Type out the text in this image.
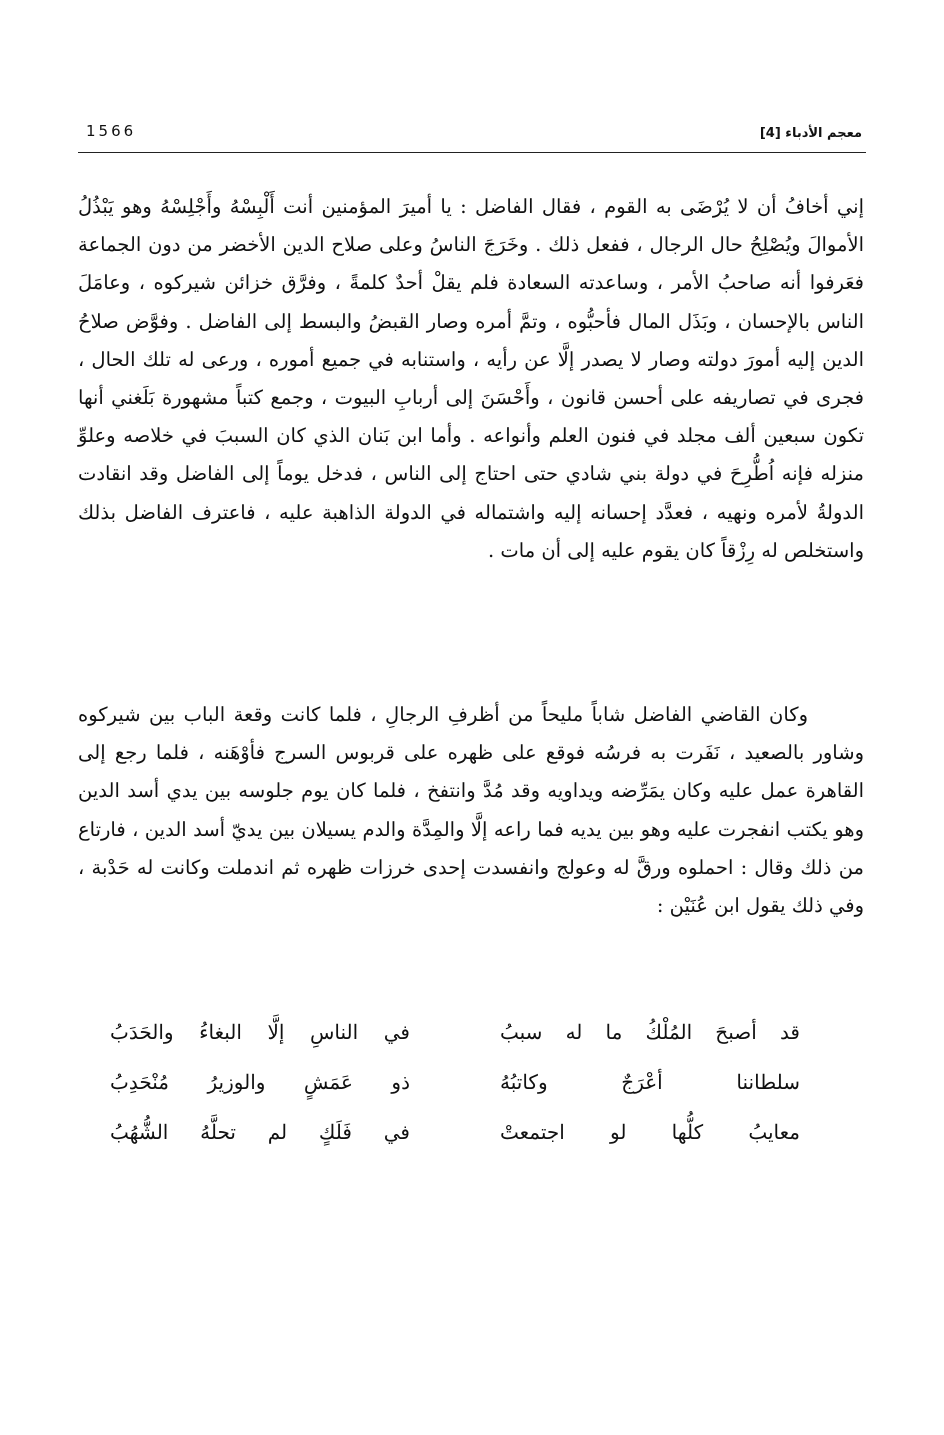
1566	معجم الأدباء [4]

إني أخافُ أن لا يُرْضَى به القوم ، فقال الفاضل : يا أميرَ المؤمنين أنت أَلْبِسْهُ وأَجْلِسْهُ وهو يَبْذُلُ الأموالَ ويُصْلِحُ حال الرجال ، ففعل ذلك . وخَرَجَ الناسُ وعلى صلاح الدين الأخضر من دون الجماعة فعَرفوا أنه صاحبُ الأمر ، وساعدته السعادة فلم يقلْ أحدٌ كلمةً ، وفرَّق خزائن شيركوه ، وعامَلَ الناس بالإحسان ، وبَذَل المال فأحبُّوه ، وتمَّ أمره وصار القبضُ والبسط إلى الفاضل . وفوَّض صلاحُ الدين إليه أمورَ دولته وصار لا يصدر إلَّا عن رأيه ، واستنابه في جميع أموره ، ورعى له تلك الحال ، فجرى في تصاريفه على أحسن قانون ، وأَحْسَنَ إلى أربابِ البيوت ، وجمع كتباً مشهورة بَلَغني أنها تكون سبعين ألف مجلد في فنون العلم وأنواعه . وأما ابن بَنان الذي كان السببَ في خلاصه وعلوِّ منزله فإنه اُطُّرِحَ في دولة بني شادي حتى احتاج إلى الناس ، فدخل يوماً إلى الفاضل وقد انقادت الدولةُ لأمره ونهيه ، فعدَّد إحسانه إليه واشتماله في الدولة الذاهبة عليه ، فاعترف الفاضل بذلك واستخلص له رِزْقاً كان يقوم عليه إلى أن مات .

وكان القاضي الفاضل شاباً مليحاً من أظرفِ الرجالِ ، فلما كانت وقعة الباب بين شيركوه وشاور بالصعيد ، نَفَرت به فرسُه فوقع على ظهره على قربوس السرج فأوْهَنه ، فلما رجع إلى القاهرة عمل عليه وكان يمَرِّضه ويداويه وقد مُدَّ وانتفخ ، فلما كان يوم جلوسه بين يدي أسد الدين وهو يكتب انفجرت عليه وهو بين يديه فما راعه إلَّا والمِدَّة والدم يسيلان بين يديّ أسد الدين ، فارتاع من ذلك وقال : احملوه ورقَّ له وعولج وانفسدت إحدى خرزات ظهره ثم اندملت وكانت له حَدْبة ، وفي ذلك يقول ابن عُنَيْن :

قد أصبحَ المُلْكُ ما له سببُ
في الناسِ إلَّا البغاءُ والحَدَبُ
سلطاننا أعْرَجٌ وكاتبُهُ
ذو عَمَشٍ والوزيرُ مُنْحَدِبُ
معايبُ كلُّها لو اجتمعتْ
في فَلَكٍ لم تحلَّهُ الشُّهُبُ
